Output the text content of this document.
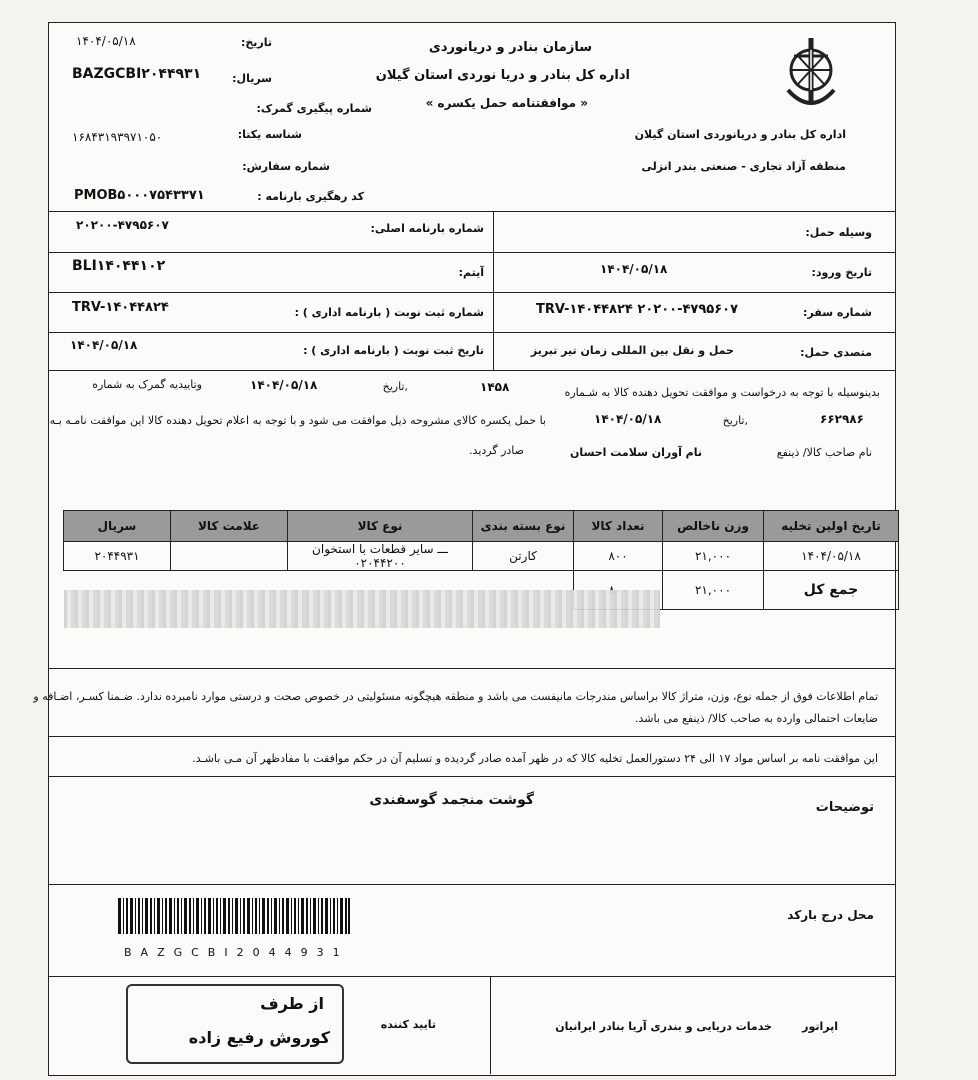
سازمان بنادر و دریانوردی
اداره کل بنادر و دریا نوردی استان گیلان
« موافقتنامه حمل یکسره »
اداره کل بنادر و دریانوردی استان گیلان
منطقه آزاد تجاری - صنعتی بندر انزلی
تاریخ:
۱۴۰۴/۰۵/۱۸
سریال:
BAZGCBI۲۰۴۴۹۳۱
شماره پیگیری گمرک:
شناسه یکتا:
۱۶۸۴۳۱۹۳۹۷۱۰۵۰
شماره سفارش:
کد رهگیری بارنامه :
PMOB۵۰۰۰۷۵۴۳۳۷۱
وسیله حمل:
شماره بارنامه اصلی:
۲۰۲۰۰-۴۷۹۵۶۰۷
تاریخ ورود:
۱۴۰۴/۰۵/۱۸
آیتم:
BLI۱۴۰۴۴۱۰۲
شماره سفر:
TRV-۱۴۰۴۴۸۲۴ ۲۰۲۰۰-۴۷۹۵۶۰۷
شماره ثبت نوبت ( بارنامه اداری ) :
TRV-۱۴۰۴۴۸۲۴
متصدی حمل:
حمل و نقل بین المللی زمان تیر تبریز
تاریخ ثبت نوبت ( بارنامه اداری ) :
۱۴۰۴/۰۵/۱۸
بدینوسیله با توجه به درخواست و موافقت تحویل دهنده کالا به شـماره
۱۴۵۸
,تاریخ
۱۴۰۴/۰۵/۱۸
وتاییدیه گمرک به شماره
۶۶۲۹۸۶
,تاریخ
۱۴۰۴/۰۵/۱۸
با حمل یکسره کالای مشروحه ذیل موافقت می شود و با توجه به اعلام تحویل دهنده کالا این موافقت نامـه بـه
نام صاحب کالا/ ذینفع
نام آوران سلامت احسان
صادر گردید.
تاریخ اولین تخلیه	وزن ناخالص	تعداد کالا	نوع بسته بندی	نوع کالا	علامت کالا	سریال
۱۴۰۴/۰۵/۱۸	۲۱,۰۰۰	۸۰۰	کارتن	ـــ سایر قطعات با استخوان ۰۲۰۴۴۲۰۰		۲۰۴۴۹۳۱
جمع کل	۲۱,۰۰۰		
تمام اطلاعات فوق از جمله نوع، وزن، متراژ کالا براساس مندرجات مانیفست می باشد و منطقه هیچگونه مسئولیتی در خصوص صحت و درستی موارد نامبرده ندارد. ضـمنا کسـر، اضـافه و
ضایعات احتمالی وارده به صاحب کالا/ ذینفع می باشد.
این موافقت نامه بر اساس مواد ۱۷ الی ۲۴ دستورالعمل تخلیه کالا که در ظهر آمده صادر گردیده و تسلیم آن در حکم موافقت با مفادظهر آن مـی باشـد.
توضیحات
گوشت منجمد گوسفندی
محل درج بارکد
BAZGCBI2044931
اپراتور
خدمات دریایی و بندری آریا بنادر ایرانیان
تایید کننده
از طرف
کوروش رفیع زاده
